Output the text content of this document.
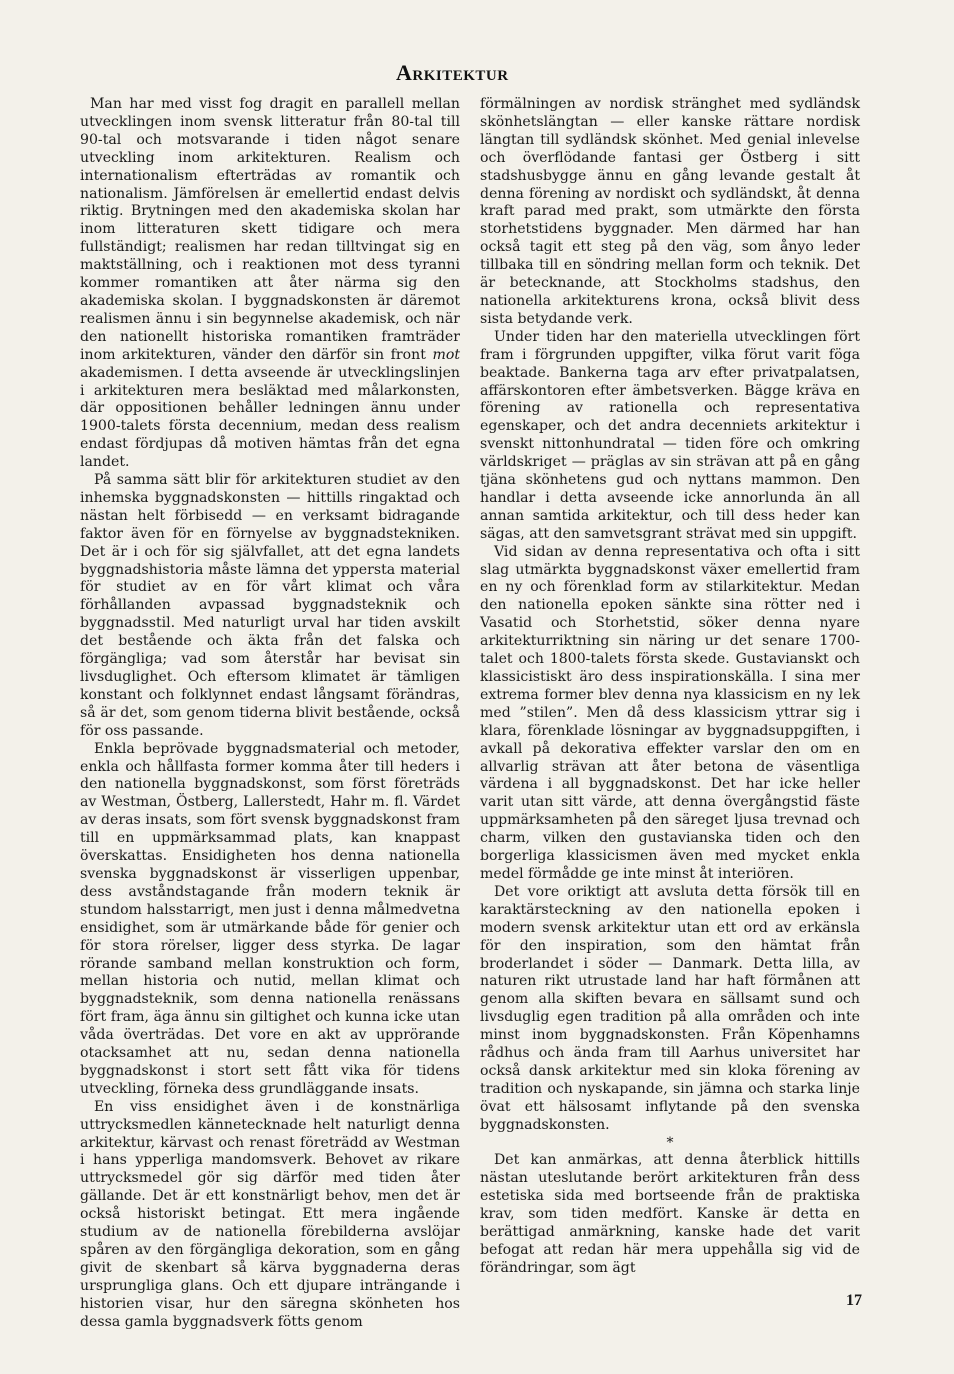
Arkitektur

Man har med visst fog dragit en parallell mellan utvecklingen inom svensk litteratur från 80-tal till 90-tal och motsvarande i tiden något senare utveckling inom arkitekturen. Realism och internationalism efterträdas av romantik och nationalism. Jämförelsen är emellertid endast delvis riktig. Brytningen med den akademiska skolan har inom litteraturen skett tidigare och mera fullständigt; realismen har redan tilltvingat sig en maktställning, och i reaktionen mot dess tyranni kommer romantiken att åter närma sig den akademiska skolan. I byggnadskonsten är däremot realismen ännu i sin begynnelse akademisk, och när den nationellt historiska romantiken framträder inom arkitekturen, vänder den därför sin front mot akademismen. I detta avseende är utvecklingslinjen i arkitekturen mera besläktad med målarkonsten, där oppositionen behåller ledningen ännu under 1900-talets första decennium, medan dess realism endast fördjupas då motiven hämtas från det egna landet.

På samma sätt blir för arkitekturen studiet av den inhemska byggnadskonsten — hittills ringaktad och nästan helt förbisedd — en verksamt bidragande faktor även för en förnyelse av byggnadstekniken. Det är i och för sig självfallet, att det egna landets byggnadshistoria måste lämna det yppersta material för studiet av en för vårt klimat och våra förhållanden avpassad byggnadsteknik och byggnadsstil. Med naturligt urval har tiden avskilt det bestående och äkta från det falska och förgängliga; vad som återstår har bevisat sin livsduglighet. Och eftersom klimatet är tämligen konstant och folklynnet endast långsamt förändras, så är det, som genom tiderna blivit bestående, också för oss passande.

Enkla beprövade byggnadsmaterial och metoder, enkla och hållfasta former komma åter till heders i den nationella byggnadskonst, som först företräds av Westman, Östberg, Lallerstedt, Hahr m. fl. Värdet av deras insats, som fört svensk byggnadskonst fram till en uppmärksammad plats, kan knappast överskattas. Ensidigheten hos denna nationella svenska byggnadskonst är visserligen uppenbar, dess avståndstagande från modern teknik är stundom halsstarrigt, men just i denna målmedvetna ensidighet, som är utmärkande både för genier och för stora rörelser, ligger dess styrka. De lagar rörande samband mellan konstruktion och form, mellan historia och nutid, mellan klimat och byggnadsteknik, som denna nationella renässans fört fram, äga ännu sin giltighet och kunna icke utan våda överträdas. Det vore en akt av upprörande otacksamhet att nu, sedan denna nationella byggnadskonst i stort sett fått vika för tidens utveckling, förneka dess grundläggande insats.

En viss ensidighet även i de konstnärliga uttrycksmedlen kännetecknade helt naturligt denna arkitektur, kärvast och renast företrädd av Westman i hans ypperliga mandomsverk. Behovet av rikare uttrycksmedel gör sig därför med tiden åter gällande. Det är ett konstnärligt behov, men det är också historiskt betingat. Ett mera ingående studium av de nationella förebilderna avslöjar spåren av den förgängliga dekoration, som en gång givit de skenbart så kärva byggnaderna deras ursprungliga glans. Och ett djupare inträngande i historien visar, hur den säregna skönheten hos dessa gamla byggnadsverk fötts genom

förmälningen av nordisk stränghet med sydländsk skönhetslängtan — eller kanske rättare nordisk längtan till sydländsk skönhet. Med genial inlevelse och överflödande fantasi ger Östberg i sitt stadshusbygge ännu en gång levande gestalt åt denna förening av nordiskt och sydländskt, åt denna kraft parad med prakt, som utmärkte den första storhetstidens byggnader. Men därmed har han också tagit ett steg på den väg, som ånyo leder tillbaka till en söndring mellan form och teknik. Det är betecknande, att Stockholms stadshus, den nationella arkitekturens krona, också blivit dess sista betydande verk.

Under tiden har den materiella utvecklingen fört fram i förgrunden uppgifter, vilka förut varit föga beaktade. Bankerna taga arv efter privatpalatsen, affärskontoren efter ämbetsverken. Bägge kräva en förening av rationella och representativa egenskaper, och det andra decenniets arkitektur i svenskt nittonhundratal — tiden före och omkring världskriget — präglas av sin strävan att på en gång tjäna skönhetens gud och nyttans mammon. Den handlar i detta avseende icke annorlunda än all annan samtida arkitektur, och till dess heder kan sägas, att den samvetsgrant strävat med sin uppgift.

Vid sidan av denna representativa och ofta i sitt slag utmärkta byggnadskonst växer emellertid fram en ny och förenklad form av stilarkitektur. Medan den nationella epoken sänkte sina rötter ned i Vasatid och Storhetstid, söker denna nyare arkitekturriktning sin näring ur det senare 1700-talet och 1800-talets första skede. Gustavianskt och klassicistiskt äro dess inspirationskälla. I sina mer extrema former blev denna nya klassicism en ny lek med ”stilen”. Men då dess klassicism yttrar sig i klara, förenklade lösningar av byggnadsuppgiften, i avkall på dekorativa effekter varslar den om en allvarlig strävan att åter betona de väsentliga värdena i all byggnadskonst. Det har icke heller varit utan sitt värde, att denna övergångstid fäste uppmärksamheten på den säreget ljusa trevnad och charm, vilken den gustavianska tiden och den borgerliga klassicismen även med mycket enkla medel förmådde ge inte minst åt interiören.

Det vore oriktigt att avsluta detta försök till en karaktärsteckning av den nationella epoken i modern svensk arkitektur utan ett ord av erkänsla för den inspiration, som den hämtat från broderlandet i söder — Danmark. Detta lilla, av naturen rikt utrustade land har haft förmånen att genom alla skiften bevara en sällsamt sund och livsduglig egen tradition på alla områden och inte minst inom byggnadskonsten. Från Köpenhamns rådhus och ända fram till Aarhus universitet har också dansk arkitektur med sin kloka förening av tradition och nyskapande, sin jämna och starka linje övat ett hälsosamt inflytande på den svenska byggnadskonsten.

*

Det kan anmärkas, att denna återblick hittills nästan uteslutande berört arkitekturen från dess estetiska sida med bortseende från de praktiska krav, som tiden medfört. Kanske är detta en berättigad anmärkning, kanske hade det varit befogat att redan här mera uppehålla sig vid de förändringar, som ägt

17
